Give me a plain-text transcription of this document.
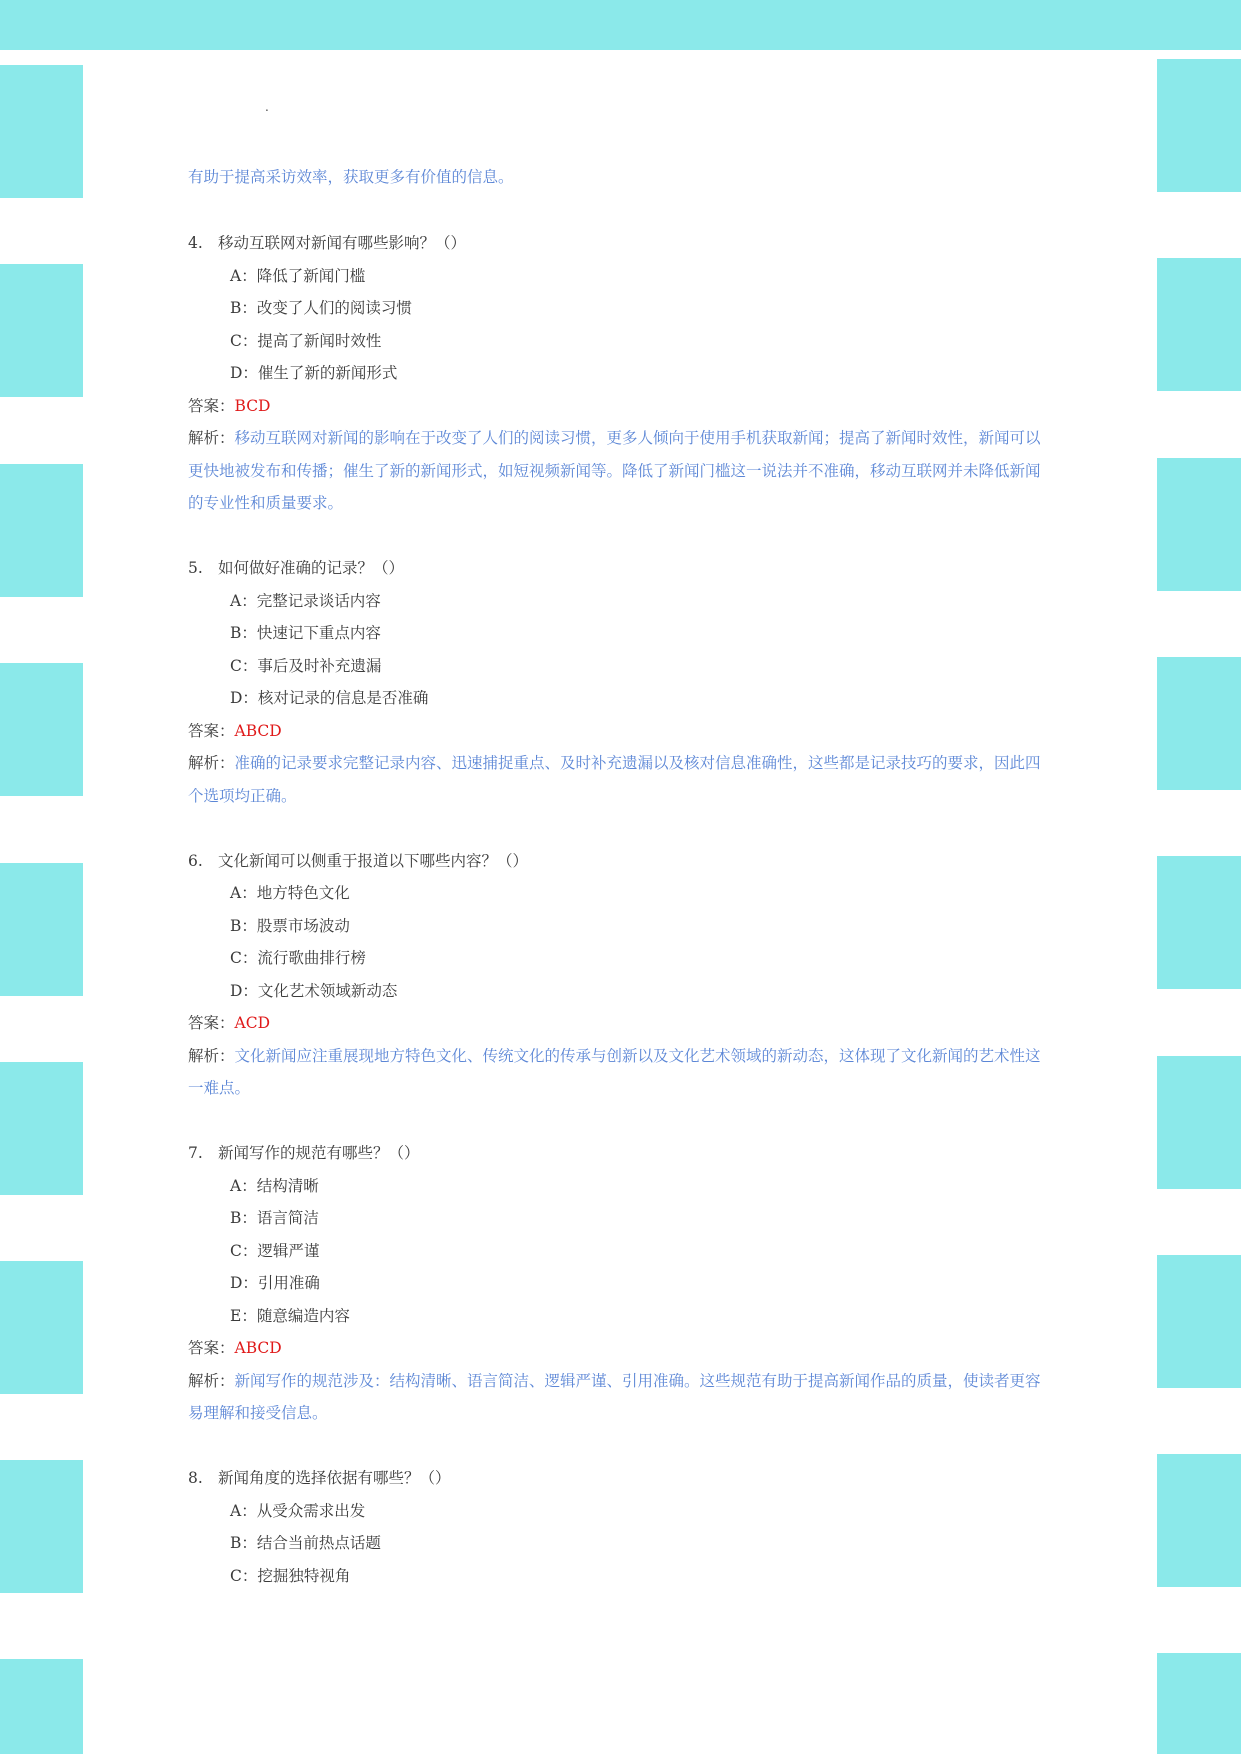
.
有助于提高采访效率，获取更多有价值的信息。
4. 移动互联网对新闻有哪些影响？（）
A：降低了新闻门槛
B：改变了人们的阅读习惯
C：提高了新闻时效性
D：催生了新的新闻形式
答案：BCD
解析：移动互联网对新闻的影响在于改变了人们的阅读习惯，更多人倾向于使用手机获取新闻；提高了新闻时效性，新闻可以
更快地被发布和传播；催生了新的新闻形式，如短视频新闻等。降低了新闻门槛这一说法并不准确，移动互联网并未降低新闻
的专业性和质量要求。
5. 如何做好准确的记录？（）
A：完整记录谈话内容
B：快速记下重点内容
C：事后及时补充遗漏
D：核对记录的信息是否准确
答案：ABCD
解析：准确的记录要求完整记录内容、迅速捕捉重点、及时补充遗漏以及核对信息准确性，这些都是记录技巧的要求，因此四
个选项均正确。
6. 文化新闻可以侧重于报道以下哪些内容？（）
A：地方特色文化
B：股票市场波动
C：流行歌曲排行榜
D：文化艺术领域新动态
答案：ACD
解析：文化新闻应注重展现地方特色文化、传统文化的传承与创新以及文化艺术领域的新动态，这体现了文化新闻的艺术性这
一难点。
7. 新闻写作的规范有哪些？（）
A：结构清晰
B：语言简洁
C：逻辑严谨
D：引用准确
E：随意编造内容
答案：ABCD
解析：新闻写作的规范涉及：结构清晰、语言简洁、逻辑严谨、引用准确。这些规范有助于提高新闻作品的质量，使读者更容
易理解和接受信息。
8. 新闻角度的选择依据有哪些？（）
A：从受众需求出发
B：结合当前热点话题
C：挖掘独特视角
